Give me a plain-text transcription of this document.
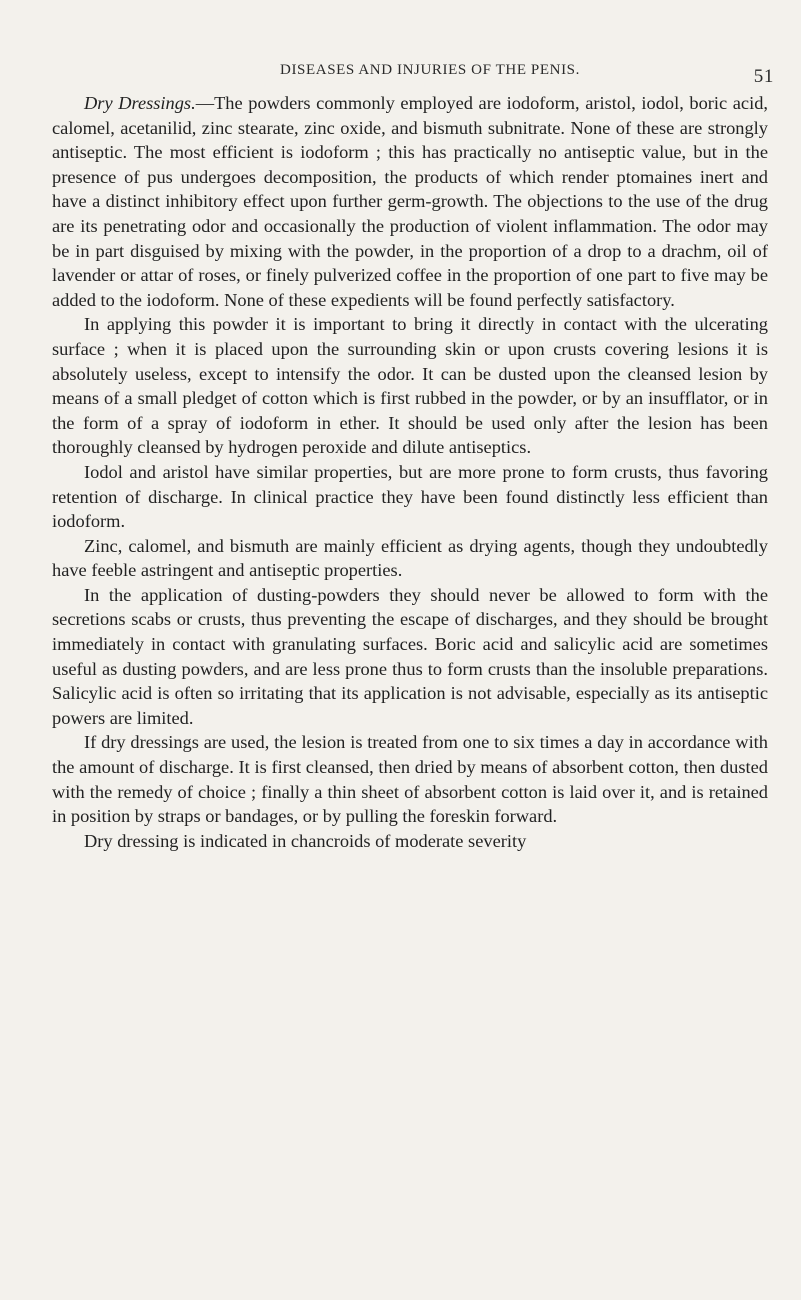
DISEASES AND INJURIES OF THE PENIS.	51

Dry Dressings.—The powders commonly employed are iodoform, aristol, iodol, boric acid, calomel, acetanilid, zinc stearate, zinc oxide, and bismuth subnitrate. None of these are strongly antiseptic. The most efficient is iodoform ; this has practically no antiseptic value, but in the presence of pus undergoes decomposition, the products of which render ptomaines inert and have a distinct inhibitory effect upon further germ-growth. The objections to the use of the drug are its penetrating odor and occasionally the production of violent inflammation. The odor may be in part disguised by mixing with the powder, in the proportion of a drop to a drachm, oil of lavender or attar of roses, or finely pulverized coffee in the proportion of one part to five may be added to the iodoform. None of these expedients will be found perfectly satisfactory.

In applying this powder it is important to bring it directly in contact with the ulcerating surface ; when it is placed upon the surrounding skin or upon crusts covering lesions it is absolutely useless, except to intensify the odor. It can be dusted upon the cleansed lesion by means of a small pledget of cotton which is first rubbed in the powder, or by an insufflator, or in the form of a spray of iodoform in ether. It should be used only after the lesion has been thoroughly cleansed by hydrogen peroxide and dilute antiseptics.

Iodol and aristol have similar properties, but are more prone to form crusts, thus favoring retention of discharge. In clinical practice they have been found distinctly less efficient than iodoform.

Zinc, calomel, and bismuth are mainly efficient as drying agents, though they undoubtedly have feeble astringent and antiseptic properties.

In the application of dusting-powders they should never be allowed to form with the secretions scabs or crusts, thus preventing the escape of discharges, and they should be brought immediately in contact with granulating surfaces. Boric acid and salicylic acid are sometimes useful as dusting powders, and are less prone thus to form crusts than the insoluble preparations. Salicylic acid is often so irritating that its application is not advisable, especially as its antiseptic powers are limited.

If dry dressings are used, the lesion is treated from one to six times a day in accordance with the amount of discharge. It is first cleansed, then dried by means of absorbent cotton, then dusted with the remedy of choice ; finally a thin sheet of absorbent cotton is laid over it, and is retained in position by straps or bandages, or by pulling the foreskin forward.

Dry dressing is indicated in chancroids of moderate severity
